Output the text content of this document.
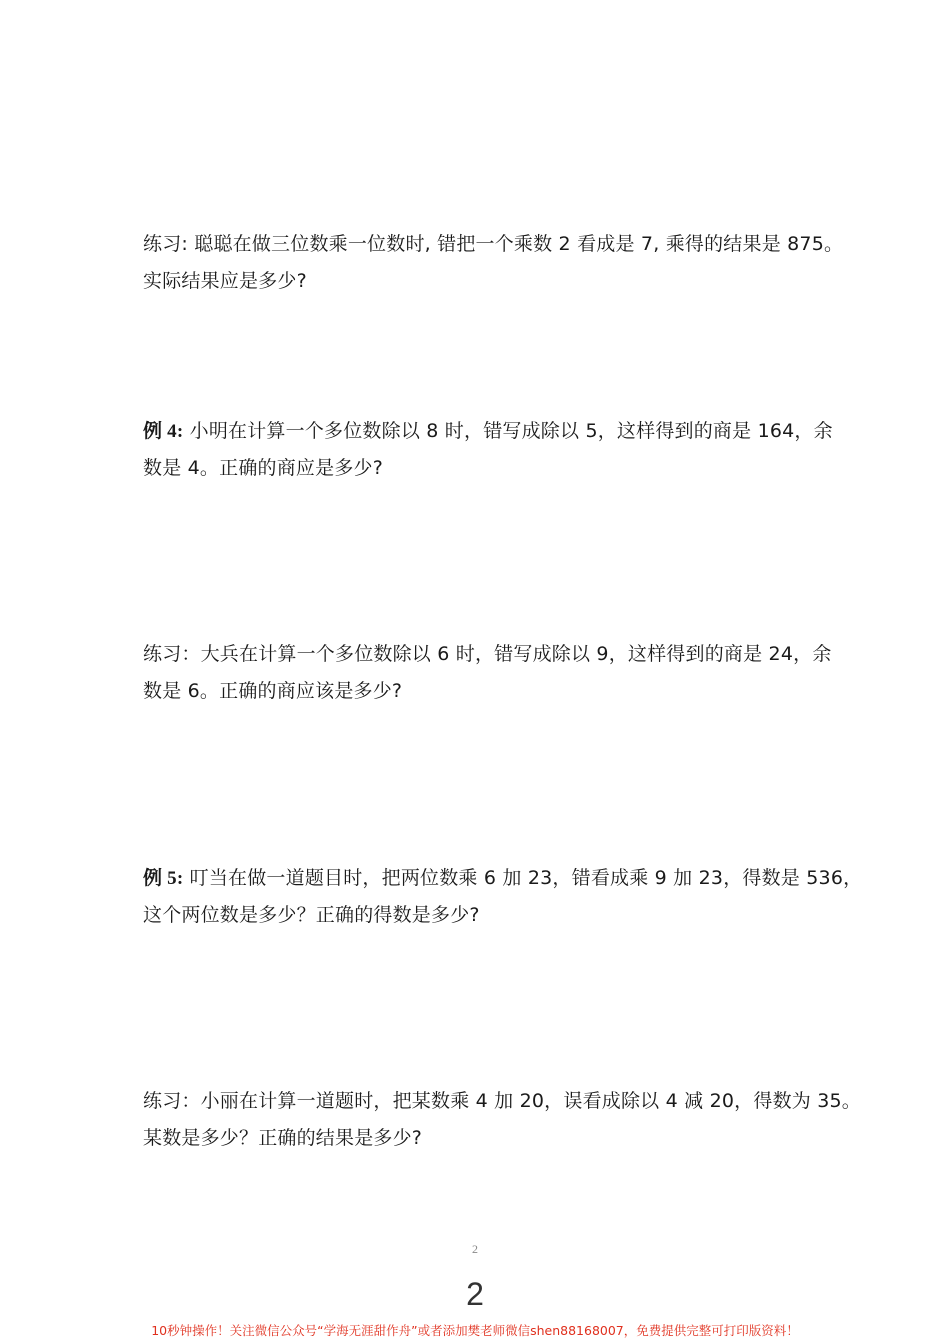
练习: 聪聪在做三位数乘一位数时, 错把一个乘数 2 看成是 7, 乘得的结果是 875。
实际结果应是多少?
例 4: 小明在计算一个多位数除以 8 时，错写成除以 5，这样得到的商是 164，余
数是 4。正确的商应是多少?
练习：大兵在计算一个多位数除以 6 时，错写成除以 9，这样得到的商是 24，余
数是 6。正确的商应该是多少?
例 5: 叮当在做一道题目时，把两位数乘 6 加 23，错看成乘 9 加 23，得数是 536，
这个两位数是多少？正确的得数是多少?
练习：小丽在计算一道题时，把某数乘 4 加 20，误看成除以 4 减 20，得数为 35。
某数是多少？正确的结果是多少?
2
2
10秒钟操作！关注微信公众号“学海无涯甜作舟”或者添加樊老师微信shen88168007，免费提供完整可打印版资料！
